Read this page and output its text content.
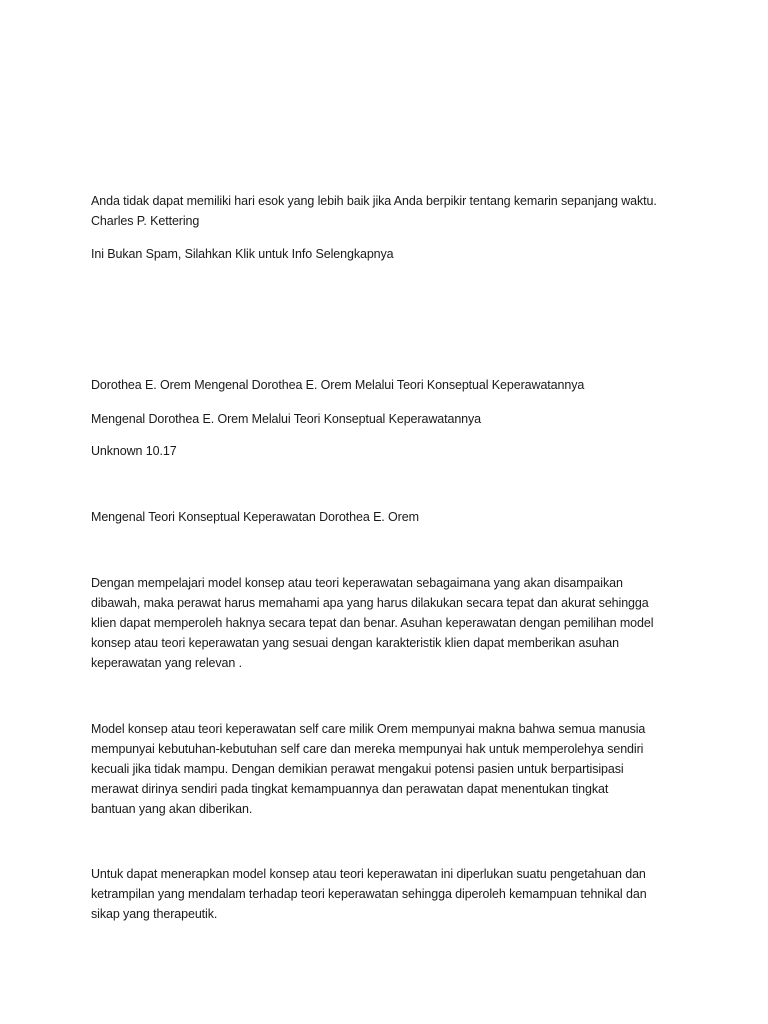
Anda tidak dapat memiliki hari esok yang lebih baik jika Anda berpikir tentang kemarin sepanjang waktu.
Charles P. Kettering

Ini Bukan Spam, Silahkan Klik untuk Info Selengkapnya

Dorothea E. Orem Mengenal Dorothea E. Orem Melalui Teori Konseptual Keperawatannya

Mengenal Dorothea E. Orem Melalui Teori Konseptual Keperawatannya

Unknown 10.17

Mengenal Teori Konseptual Keperawatan Dorothea E. Orem

Dengan mempelajari model konsep atau teori keperawatan sebagaimana yang akan disampaikan
dibawah, maka perawat harus memahami apa yang harus dilakukan secara tepat dan akurat sehingga
klien dapat memperoleh haknya secara tepat dan benar. Asuhan keperawatan dengan pemilihan model
konsep atau teori keperawatan yang sesuai dengan karakteristik klien dapat memberikan asuhan
keperawatan yang relevan .

Model konsep atau teori keperawatan self care milik Orem mempunyai makna bahwa semua manusia
mempunyai kebutuhan-kebutuhan self care dan mereka mempunyai hak untuk memperolehya sendiri
kecuali jika tidak mampu. Dengan demikian perawat mengakui potensi pasien untuk berpartisipasi
merawat dirinya sendiri pada tingkat kemampuannya dan perawatan dapat menentukan tingkat
bantuan yang akan diberikan.

Untuk dapat menerapkan model konsep atau teori keperawatan ini diperlukan suatu pengetahuan dan
ketrampilan yang mendalam terhadap teori keperawatan sehingga diperoleh kemampuan tehnikal dan
sikap yang therapeutik.
